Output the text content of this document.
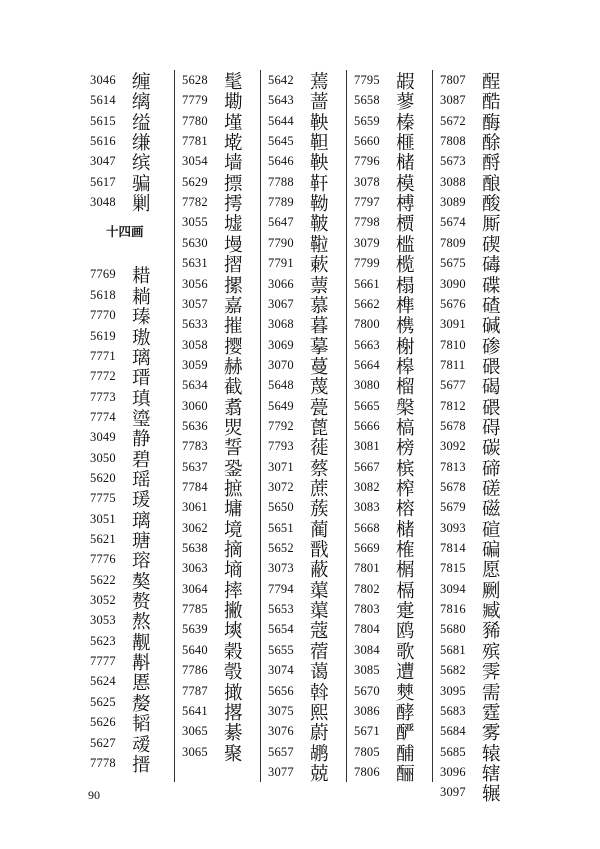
3046 缠
5614 缡
5615 缢
5616 缣
3047 缤
5617 骗
3048 剿
十四画
7769 耤
5618 耥
7770 瑧
5619 璈
7771 璃
7772 瑨
7773 瑱
7774 瑬
3049 静
3050 碧
5620 瑶
7775 瑗
3051 璃
5621 瑭
7776 瑢
5622 獒
3052 赘
3053 熬
5623 觏
7777 斠
5624 慝
5625 嫠
5626 韬
5627 叆
7778 搢
5628 髦
7779 墈
7780 墐
7781 墘
3054 墙
5629 摽
7782 摴
3055 墟
5630 墁
5631 摺
3056 摞
3057 嘉
5633 摧
3058 撄
3059 赫
5634 截
3060 翥
5636 焸
7783 誓
5637 銎
7784 摭
3061 墉
3062 境
5638 摘
3063 墒
3064 摔
7785 撇
5639 塽
5640 榖
7786 彀
7787 撖
5641 撂
3065 綦
3065 聚
5642 蔫
5643 蔷
5644 鞅
5645 靼
5646 鞅
7788 靬
7789 靿
5647 鞁
7790 鞡
7791 蔌
3066 蔈
3067 慕
3068 暮
3069 摹
3070 蔓
5648 蔑
5649 甍
7792 蓖
7793 蓰
3071 蔡
3072 蔗
5650 蔟
5651 蔺
5652 戬
3073 蔽
7794 蕖
5653 蕖
5654 蔻
5655 蓿
3074 蔼
5656 斡
3075 熙
3076 蔚
5657 鹕
3077 兢
7795 嘏
5658 蓼
5659 榛
5660 榧
7796 槠
3078 模
7797 榑
7798 槚
3079 槛
7799 榄
5661 榻
5662 榫
7800 槜
5663 榭
5664 槔
3080 榴
5665 槃
5666 槁
3081 榜
5667 槟
3082 榨
3083 榕
5668 槠
5669 榷
7801 榍
7802 槅
7803 疐
7804 鸥
3084 歌
3085 遭
5670 僰
3086 酵
5671 酽
7805 酺
7806 酾
7807 酲
3087 酷
5672 酶
7808 酴
5673 酹
3088 酿
3089 酸
5674 厮
7809 碶
5675 碡
3090 碟
5676 碴
3091 碱
7810 碜
7811 碨
5677 碣
7812 碨
5678 碍
3092 碳
7813 碲
5678 磋
5679 磁
3093 碹
7814 碥
7815 愿
3094 劂
7816 臧
5680 豨
5681 殡
5682 霁
3095 需
5683 霆
5684 雾
5685 辕
3096 辖
3097 辗
90
